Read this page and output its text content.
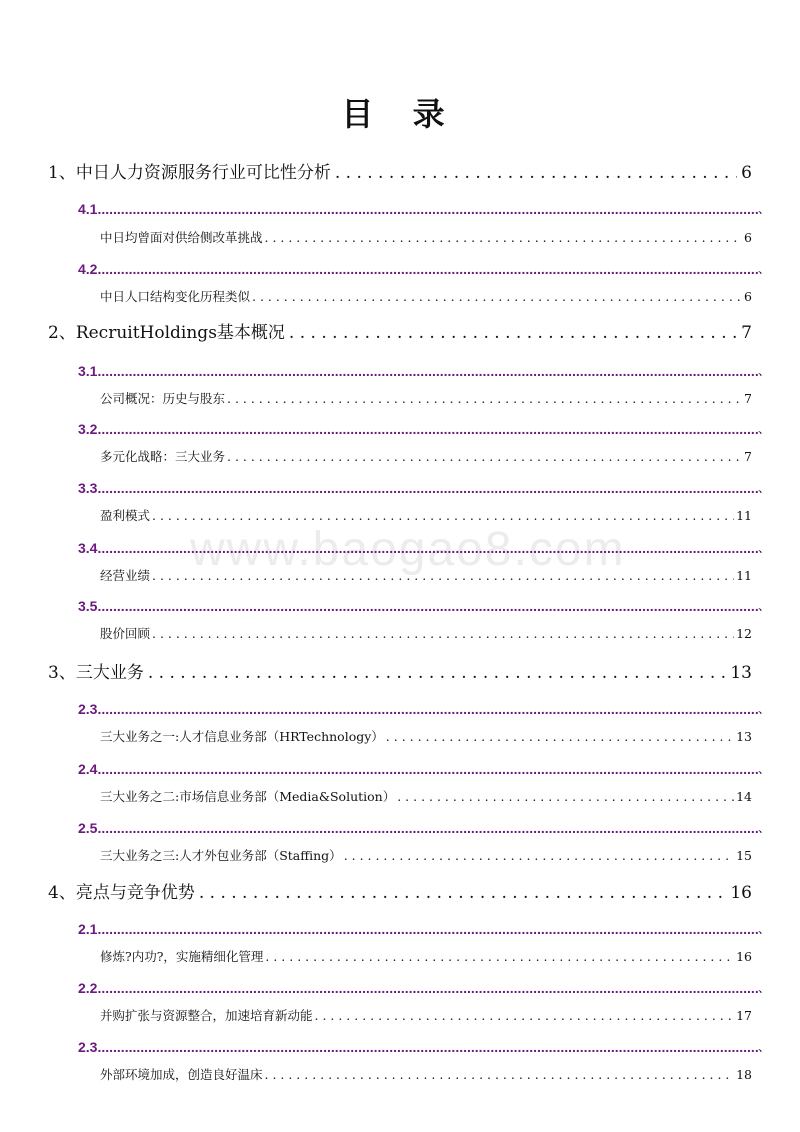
目 录
www.baogao8.com
1、中日人力资源服务行业可比性分析 . . .	6
4.1 .....	、
中日均曾面对供给侧改革挑战 . . .	6
4.2 .....	、
中日人口结构变化历程类似 . . .	6
2、RecruitHoldings基本概况 . . .	7
3.1 .....	、
公司概况：历史与股东 . . .	7
3.2 .....	、
多元化战略：三大业务 . . .	7
3.3 .....	、
盈利模式 . . .	11
3.4 .....	、
经营业绩 . . .	11
3.5 .....	、
股价回顾 . . .	12
3、三大业务 . . .	13
2.3 .....	、
三大业务之一:人才信息业务部（HRTechnology） . . .	13
2.4 .....	、
三大业务之二:市场信息业务部（Media&Solution） . . .	14
2.5 .....	、
三大业务之三:人才外包业务部（Staffing） . . .	15
4、亮点与竞争优势 . . .	16
2.1 .....	、
修炼?内功?，实施精细化管理 . . .	16
2.2 .....	、
并购扩张与资源整合，加速培育新动能 . . .	17
2.3 .....	、
外部环境加成，创造良好温床 . . .	18
